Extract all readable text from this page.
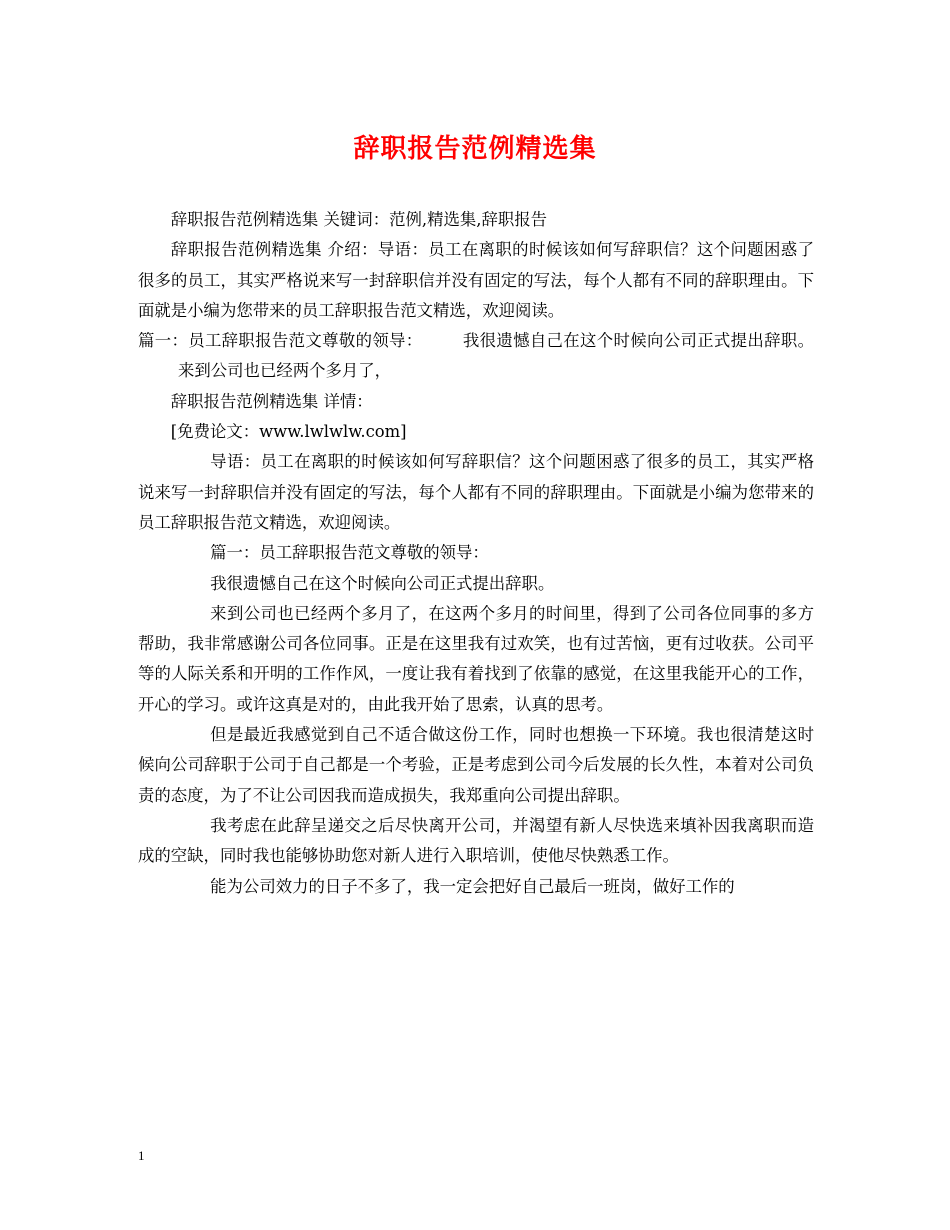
辞职报告范例精选集

辞职报告范例精选集 关键词：范例,精选集,辞职报告

辞职报告范例精选集 介绍：导语：员工在离职的时候该如何写辞职信？这个问题困惑了很多的员工，其实严格说来写一封辞职信并没有固定的写法，每个人都有不同的辞职理由。下面就是小编为您带来的员工辞职报告范文精选，欢迎阅读。

篇一：员工辞职报告范文尊敬的领导： 我很遗憾自己在这个时候向公司正式提出辞职。来到公司也已经两个多月了，

辞职报告范例精选集 详情：

[免费论文：www.lwlwlw.com]

导语：员工在离职的时候该如何写辞职信？这个问题困惑了很多的员工，其实严格说来写一封辞职信并没有固定的写法，每个人都有不同的辞职理由。下面就是小编为您带来的员工辞职报告范文精选，欢迎阅读。

篇一：员工辞职报告范文尊敬的领导：

我很遗憾自己在这个时候向公司正式提出辞职。

来到公司也已经两个多月了，在这两个多月的时间里，得到了公司各位同事的多方帮助，我非常感谢公司各位同事。正是在这里我有过欢笑，也有过苦恼，更有过收获。公司平等的人际关系和开明的工作作风，一度让我有着找到了依靠的感觉，在这里我能开心的工作，开心的学习。或许这真是对的，由此我开始了思索，认真的思考。

但是最近我感觉到自己不适合做这份工作，同时也想换一下环境。我也很清楚这时候向公司辞职于公司于自己都是一个考验，正是考虑到公司今后发展的长久性，本着对公司负责的态度，为了不让公司因我而造成损失，我郑重向公司提出辞职。

我考虑在此辞呈递交之后尽快离开公司，并渴望有新人尽快选来填补因我离职而造成的空缺，同时我也能够协助您对新人进行入职培训，使他尽快熟悉工作。

能为公司效力的日子不多了，我一定会把好自己最后一班岗，做好工作的

1
